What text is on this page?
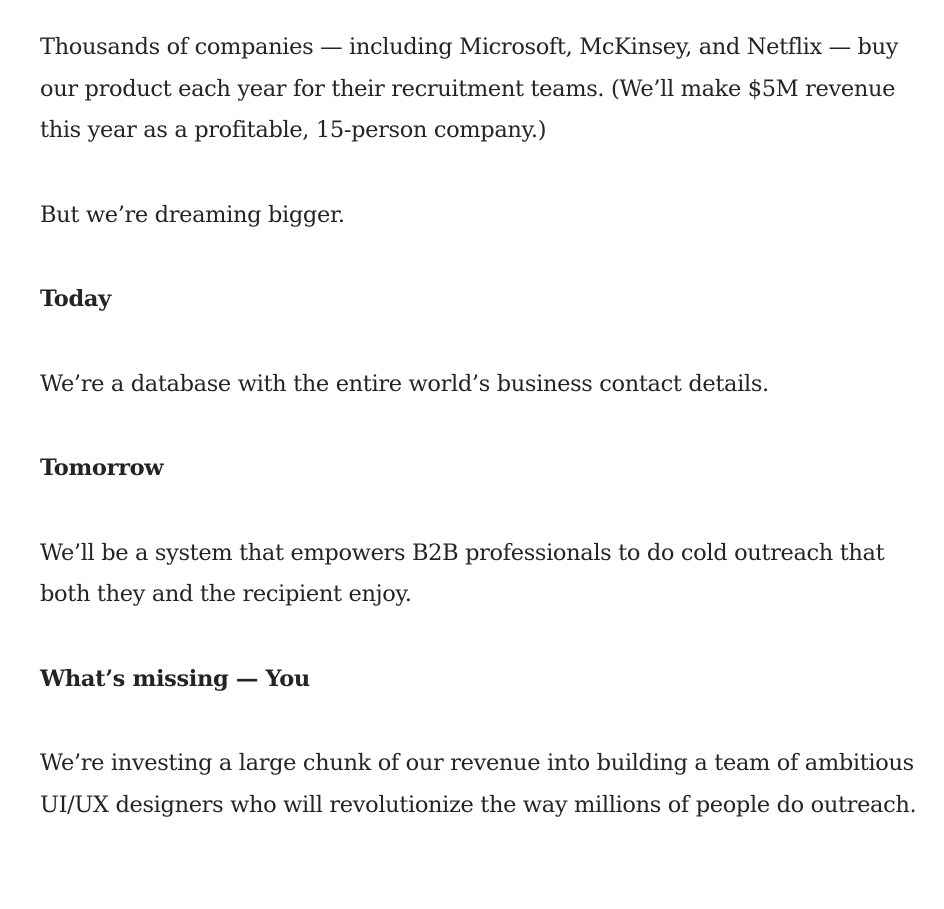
Thousands of companies — including Microsoft, McKinsey, and Netflix — buy our product each year for their recruitment teams. (We’ll make $5M revenue this year as a profitable, 15-person company.)

But we’re dreaming bigger.

Today

We’re a database with the entire world’s business contact details.

Tomorrow

We’ll be a system that empowers B2B professionals to do cold outreach that both they and the recipient enjoy.

What’s missing — You

We’re investing a large chunk of our revenue into building a team of ambitious UI/UX designers who will revolutionize the way millions of people do outreach.
